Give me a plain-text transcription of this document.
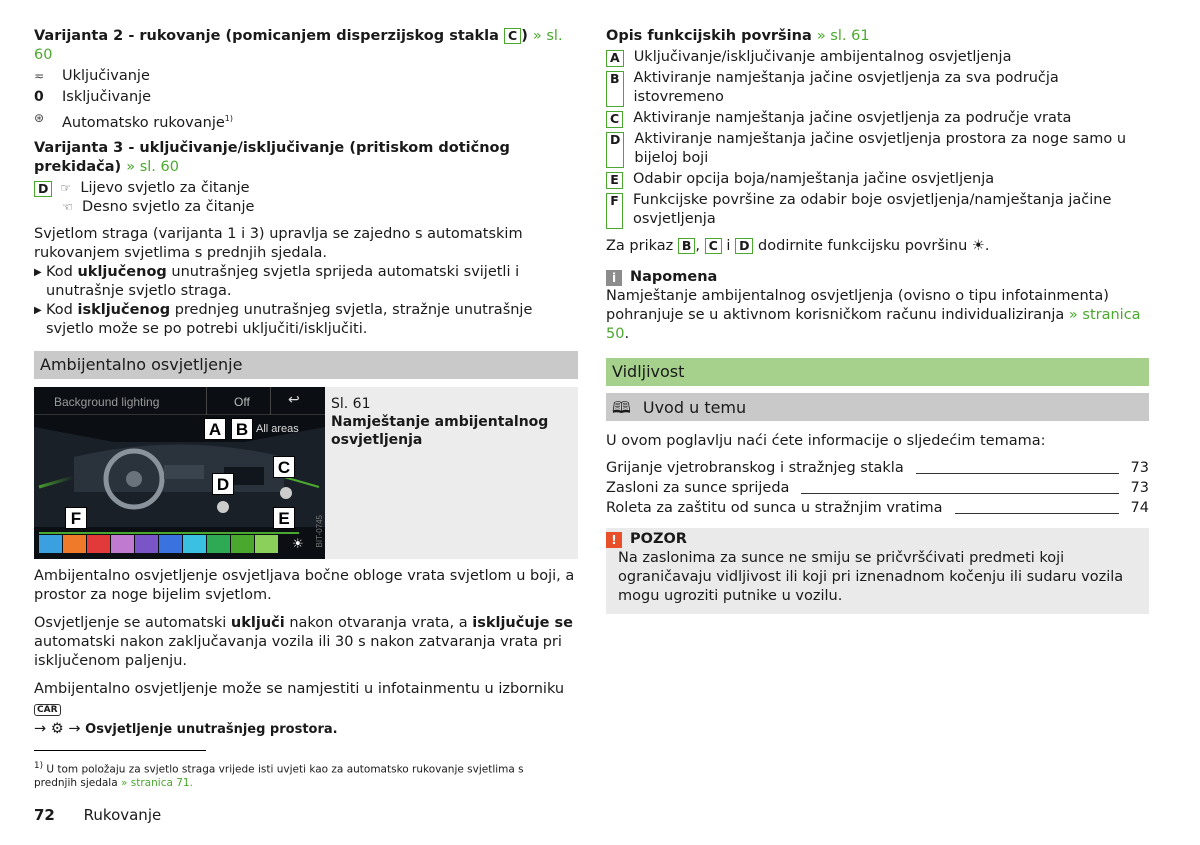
Varijanta 2 - rukovanje (pomicanjem disperzijskog stakla C ) » sl. 60
≂	Uključivanje
0	Isključivanje
⊛	Automatsko rukovanje$^{1)}$
Varijanta 3 - uključivanje/isključivanje (pritiskom dotičnog prekidača) » sl. 60
D	☞ Lijevo svjetlo za čitanje
☜ Desno svjetlo za čitanje
Svjetlom straga (varijanta 1 i 3) upravlja se zajedno s automatskim rukovanjem svjetlima s prednjih sjedala.
▶ Kod uključenog unutrašnjeg svjetla sprijeda automatski svijetli i unutrašnje svjetlo straga.
▶ Kod isključenog prednjeg unutrašnjeg svjetla, stražnje unutrašnje svjetlo može se po potrebi uključiti/isključiti.
Ambijentalno osvjetljenje
Background lighting	Off	↩
☀	BIT-0745
All areas
A B
C
D
E
F
Sl. 61
Namještanje ambijentalnog osvjetljenja
Ambijentalno osvjetljenje osvjetljava bočne obloge vrata svjetlom u boji, a prostor za noge bijelim svjetlom.
Osvjetljenje se automatski uključi nakon otvaranja vrata, a isključuje se automatski nakon zaključavanja vozila ili 30 s nakon zatvaranja vrata pri isključenom paljenju.
Ambijentalno osvjetljenje može se namjestiti u infotainmentu u izborniku CAR
→ ⚙ → Osvjetljenje unutrašnjeg prostora.
Opis funkcijskih površina » sl. 61
A Uključivanje/isključivanje ambijentalnog osvjetljenja
B Aktiviranje namještanja jačine osvjetljenja za sva područja istovremeno
C Aktiviranje namještanja jačine osvjetljenja za područje vrata
D Aktiviranje namještanja jačine osvjetljenja prostora za noge samo u bijeloj boji
E Odabir opcija boja/namještanja jačine osvjetljenja
F Funkcijske površine za odabir boje osvjetljenja/namještanja jačine osvjetljenja
Za prikaz B , C i D dodirnite funkcijsku površinu ☀.
i Napomena
Namještanje ambijentalnog osvjetljenja (ovisno o tipu infotainmenta) pohranjuje se u aktivnom korisničkom računu individualiziranja » stranica 50.
Vidljivost
🕮 Uvod u temu
U ovom poglavlju naći ćete informacije o sljedećim temama:
Grijanje vjetrobranskog i stražnjeg stakla	73
Zasloni za sunce sprijeda	73
Roleta za zaštitu od sunca u stražnjim vratima	74
! POZOR
Na zaslonima za sunce ne smiju se pričvršćivati predmeti koji ograničavaju vidljivost ili koji pri iznenadnom kočenju ili sudaru vozila mogu ugroziti putnike u vozilu.
$^{1)}$ U tom položaju za svjetlo straga vrijede isti uvjeti kao za automatsko rukovanje svjetlima s prednjih sjedala » stranica 71.
72 Rukovanje
